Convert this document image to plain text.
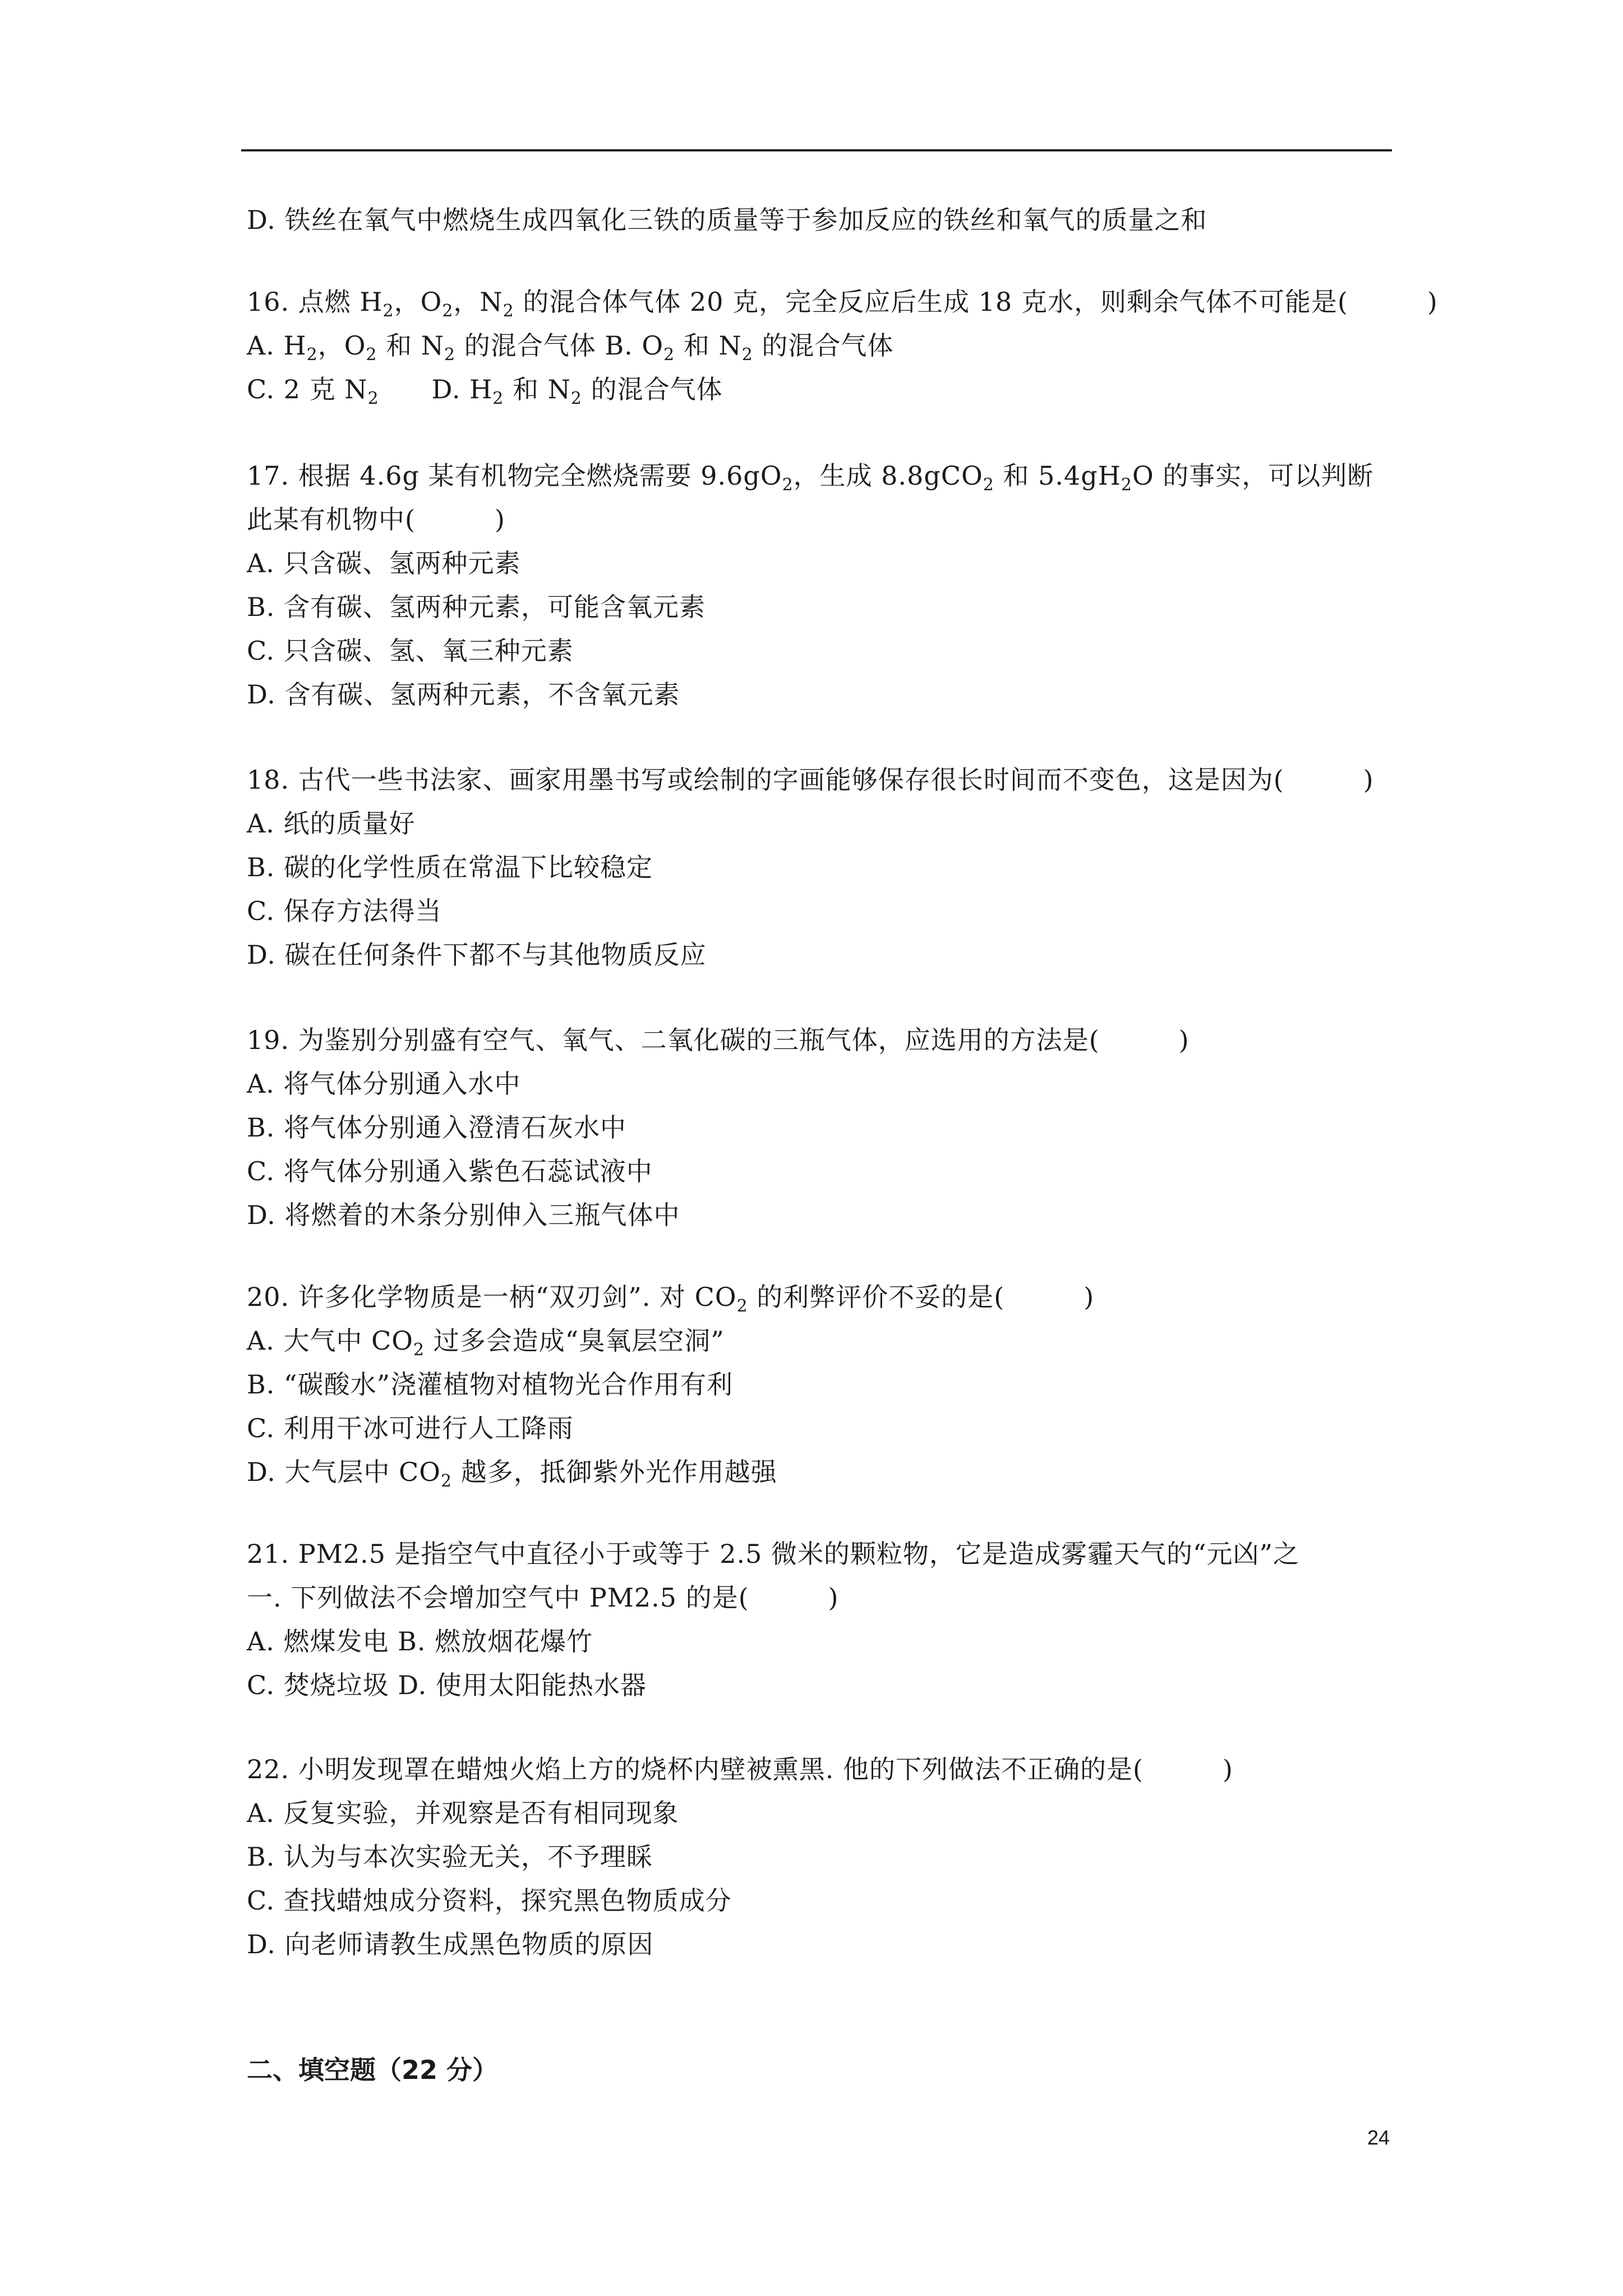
D. 铁丝在氧气中燃烧生成四氧化三铁的质量等于参加反应的铁丝和氧气的质量之和
16. 点燃 $H_2$，$O_2$，$N_2$ 的混合体气体 20 克，完全反应后生成 18 克水，则剩余气体不可能是(　　　)
A. $H_2$，$O_2$ 和 $N_2$ 的混合气体 B. $O_2$ 和 $N_2$ 的混合气体
C. 2 克 $N_2$　　D. $H_2$ 和 $N_2$ 的混合气体
17. 根据 4.6g 某有机物完全燃烧需要 $9.6gO_2$，生成 8.8gCO$_2$ 和 $5.4gH_2O$ 的事实，可以判断
此某有机物中(　　　)
A. 只含碳、氢两种元素
B. 含有碳、氢两种元素，可能含氧元素
C. 只含碳、氢、氧三种元素
D. 含有碳、氢两种元素，不含氧元素
18. 古代一些书法家、画家用墨书写或绘制的字画能够保存很长时间而不变色，这是因为(　　　)
A. 纸的质量好
B. 碳的化学性质在常温下比较稳定
C. 保存方法得当
D. 碳在任何条件下都不与其他物质反应
19. 为鉴别分别盛有空气、氧气、二氧化碳的三瓶气体，应选用的方法是(　　　)
A. 将气体分别通入水中
B. 将气体分别通入澄清石灰水中
C. 将气体分别通入紫色石蕊试液中
D. 将燃着的木条分别伸入三瓶气体中
20. 许多化学物质是一柄“双刃剑”. 对 $CO_2$ 的利弊评价不妥的是(　　　)
A. 大气中 $CO_2$ 过多会造成“臭氧层空洞”
B. “碳酸水”浇灌植物对植物光合作用有利
C. 利用干冰可进行人工降雨
D. 大气层中 $CO_2$ 越多，抵御紫外光作用越强
21. PM2.5 是指空气中直径小于或等于 2.5 微米的颗粒物，它是造成雾霾天气的“元凶”之
一. 下列做法不会增加空气中 PM2.5 的是(　　　)
A. 燃煤发电 B. 燃放烟花爆竹
C. 焚烧垃圾 D. 使用太阳能热水器
22. 小明发现罩在蜡烛火焰上方的烧杯内壁被熏黑. 他的下列做法不正确的是(　　　)
A. 反复实验，并观察是否有相同现象
B. 认为与本次实验无关，不予理睬
C. 查找蜡烛成分资料，探究黑色物质成分
D. 向老师请教生成黑色物质的原因
二、填空题（22 分）
24
